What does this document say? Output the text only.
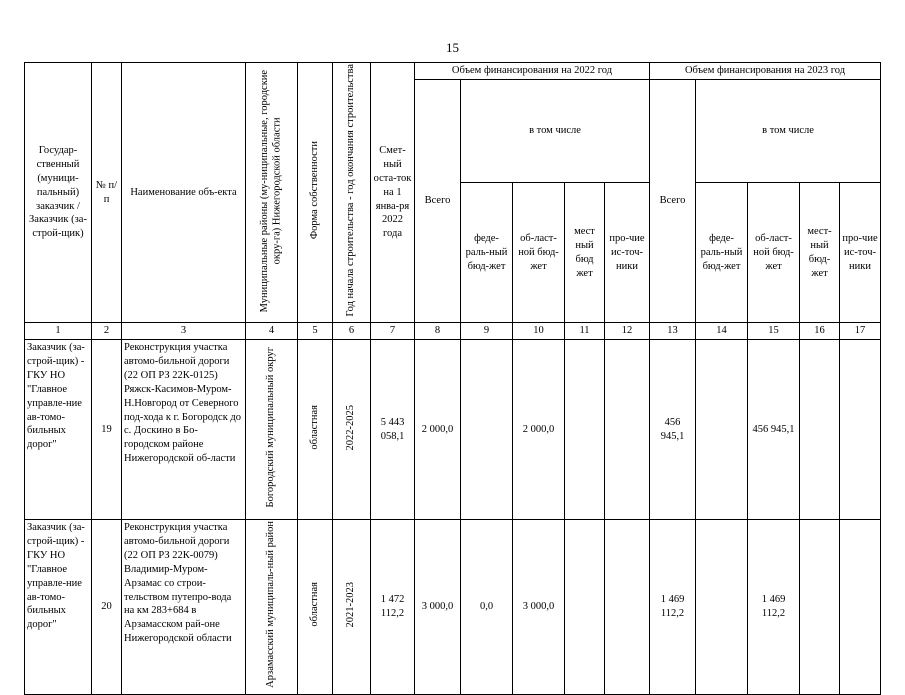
15
Государ-ственный (муници-пальный) заказчик / Заказчик (за-строй-щик)	№ п/п	Наименование объ-екта	Муниципальные районы (му-ниципальные, городские окру-га) Нижегородской области	Форма собственности	Год начала строительства - год окончания строительства	Смет-ный оста-ток на 1 янва-ря 2022 года	Объем финансирования на 2022 год					Объем финансирования на 2023 год				
							Всего	в том числе				Всего	в том числе			
								феде-раль-ный бюд-жет	об-ласт-ной бюд-жет	мест ный бюд жет	про-чие ис-точ-ники		феде-раль-ный бюд-жет	об-ласт-ной бюд-жет	мест-ный бюд-жет	про-чие ис-точ-ники
1	2	3	4	5	6	7	8	9	10	11	12	13	14	15	16	17
Заказчик (за-строй-щик) - ГКУ НО "Главное управле-ние ав-томо-бильных дорог"	19	Реконструкция участка автомо-бильной дороги (22 ОП РЗ 22К-0125) Ряжск-Касимов-Муром-Н.Новгород от Северного под-хода к г. Богородск до с. Доскино в Бо-городском районе Нижегородской об-ласти	Богородский муниципальный округ	областная	2022-2025	5 443 058,1	2 000,0		2 000,0			456 945,1		456 945,1		
Заказчик (за-строй-щик) - ГКУ НО "Главное управле-ние ав-томо-бильных дорог"	20	Реконструкция участка автомо-бильной дороги (22 ОП РЗ 22К-0079) Владимир-Муром-Арзамас со строи-тельством путепро-вода на км 283+684 в Арзамасском рай-оне Нижегородской области	Арзамасский муниципаль-ный район	областная	2021-2023	1 472 112,2	3 000,0	0,0	3 000,0			1 469 112,2		1 469 112,2		
